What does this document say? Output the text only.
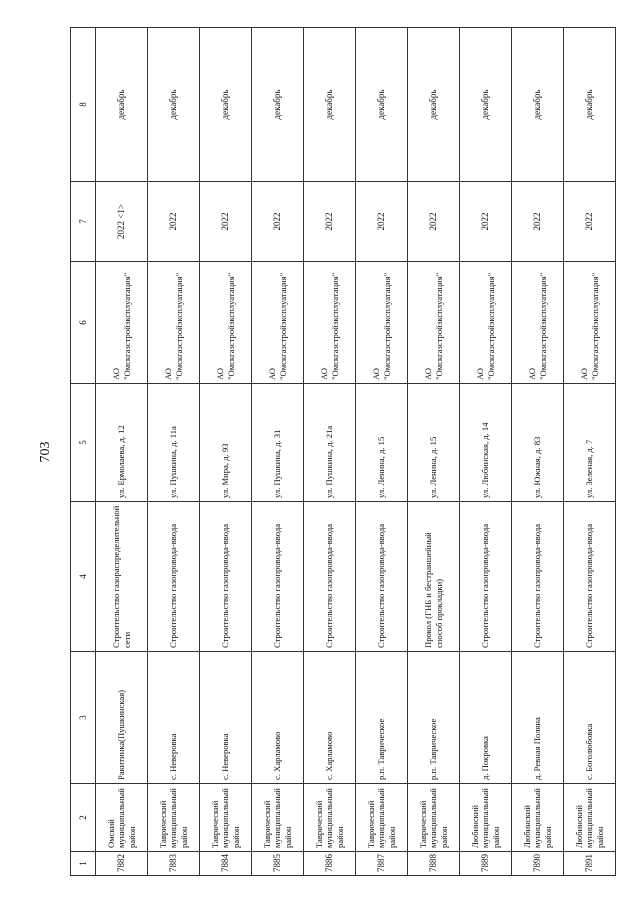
703
1	2	3	4	5	6	7	8
7882	Омский муниципальный район	Ракитинка(Пушкинская)	Строительство газораспределительной сети	ул. Ермолаева, д. 12	АО "Омскгазстройэксплуатация"	2022 <1>	декабрь
7883	Таврический муниципальный район	с. Неверовка	Строительство газопровода-ввода	ул. Пушкина, д. 11а	АО "Омскгазстройэксплуатация"	2022	декабрь
7884	Таврический муниципальный район	с. Неверовка	Строительство газопровода-ввода	ул. Мира, д. 93	АО "Омскгазстройэксплуатация"	2022	декабрь
7885	Таврический муниципальный район	с. Харламово	Строительство газопровода-ввода	ул. Пушкина, д. 31	АО "Омскгазстройэксплуатация"	2022	декабрь
7886	Таврический муниципальный район	с. Харламово	Строительство газопровода-ввода	ул. Пушкина, д. 21а	АО "Омскгазстройэксплуатация"	2022	декабрь
7887	Таврический муниципальный район	р.п. Таврическое	Строительство газопровода-ввода	ул. Ленина, д. 15	АО "Омскгазстройэксплуатация"	2022	декабрь
7888	Таврический муниципальный район	р.п. Таврическое	Прокол (ГНБ и бестраншейный способ прокладки)	ул. Ленина, д. 15	АО "Омскгазстройэксплуатация"	2022	декабрь
7889	Любинский муниципальный район	д. Покровка	Строительство газопровода-ввода	ул. Любинская, д. 14	АО "Омскгазстройэксплуатация"	2022	декабрь
7890	Любинский муниципальный район	д. Ревная Поляна	Строительство газопровода-ввода	ул. Южная, д. 83	АО "Омскгазстройэксплуатация"	2022	декабрь
7891	Любинский муниципальный район	с. Боголюбовка	Строительство газопровода-ввода	ул. Зеленая, д. 7	АО "Омскгазстройэксплуатация"	2022	декабрь
